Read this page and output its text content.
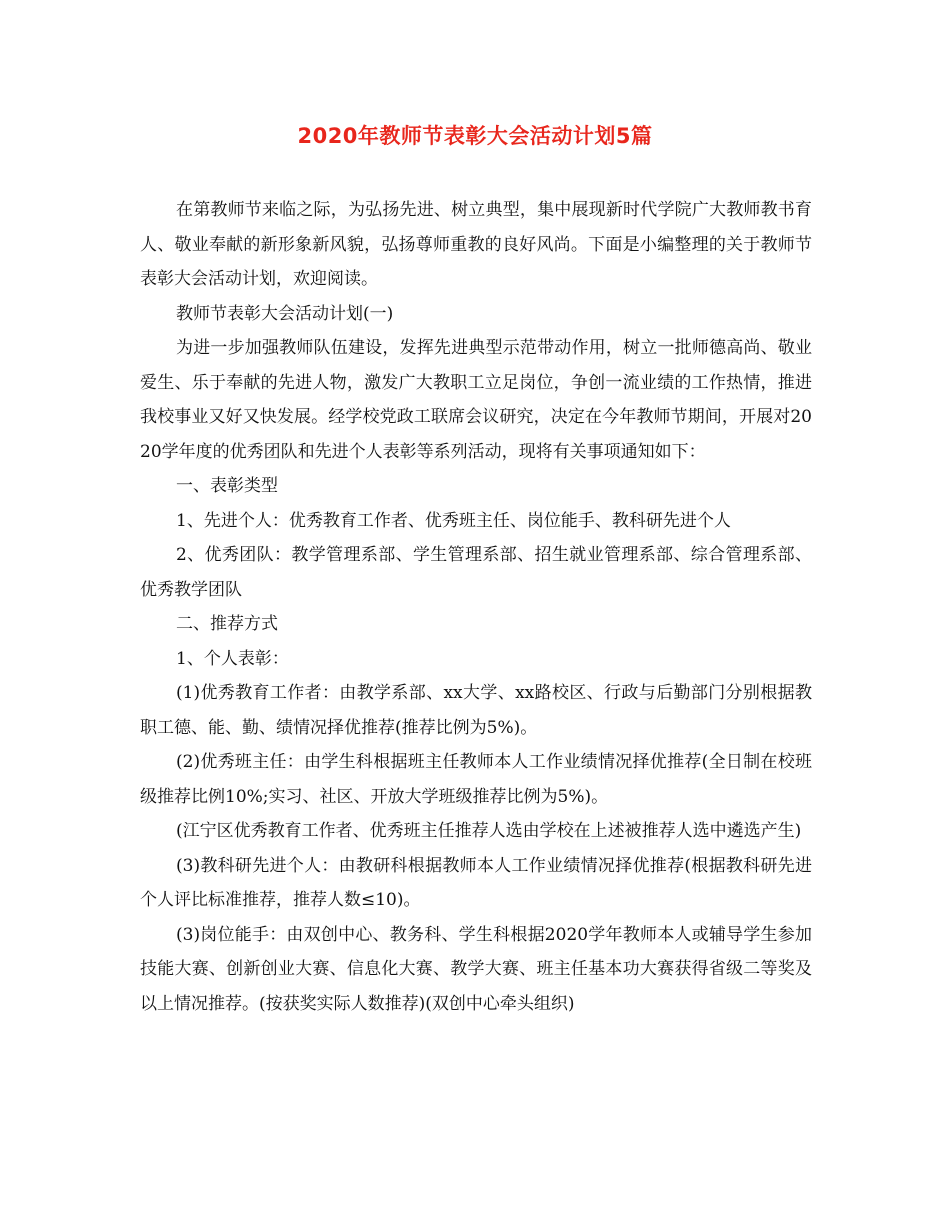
2020年教师节表彰大会活动计划5篇

在第教师节来临之际，为弘扬先进、树立典型，集中展现新时代学院广大教师教书育人、敬业奉献的新形象新风貌，弘扬尊师重教的良好风尚。下面是小编整理的关于教师节表彰大会活动计划，欢迎阅读。

教师节表彰大会活动计划(一)

为进一步加强教师队伍建设，发挥先进典型示范带动作用，树立一批师德高尚、敬业爱生、乐于奉献的先进人物，激发广大教职工立足岗位，争创一流业绩的工作热情，推进我校事业又好又快发展。经学校党政工联席会议研究，决定在今年教师节期间，开展对2020学年度的优秀团队和先进个人表彰等系列活动，现将有关事项通知如下：

一、表彰类型

1、先进个人：优秀教育工作者、优秀班主任、岗位能手、教科研先进个人

2、优秀团队：教学管理系部、学生管理系部、招生就业管理系部、综合管理系部、优秀教学团队

二、推荐方式

1、个人表彰：

(1)优秀教育工作者：由教学系部、xx大学、xx路校区、行政与后勤部门分别根据教职工德、能、勤、绩情况择优推荐(推荐比例为5%)。

(2)优秀班主任：由学生科根据班主任教师本人工作业绩情况择优推荐(全日制在校班级推荐比例10%;实习、社区、开放大学班级推荐比例为5%)。

(江宁区优秀教育工作者、优秀班主任推荐人选由学校在上述被推荐人选中遴选产生)

(3)教科研先进个人：由教研科根据教师本人工作业绩情况择优推荐(根据教科研先进个人评比标准推荐，推荐人数≤10)。

(3)岗位能手：由双创中心、教务科、学生科根据2020学年教师本人或辅导学生参加技能大赛、创新创业大赛、信息化大赛、教学大赛、班主任基本功大赛获得省级二等奖及以上情况推荐。(按获奖实际人数推荐)(双创中心牵头组织)
